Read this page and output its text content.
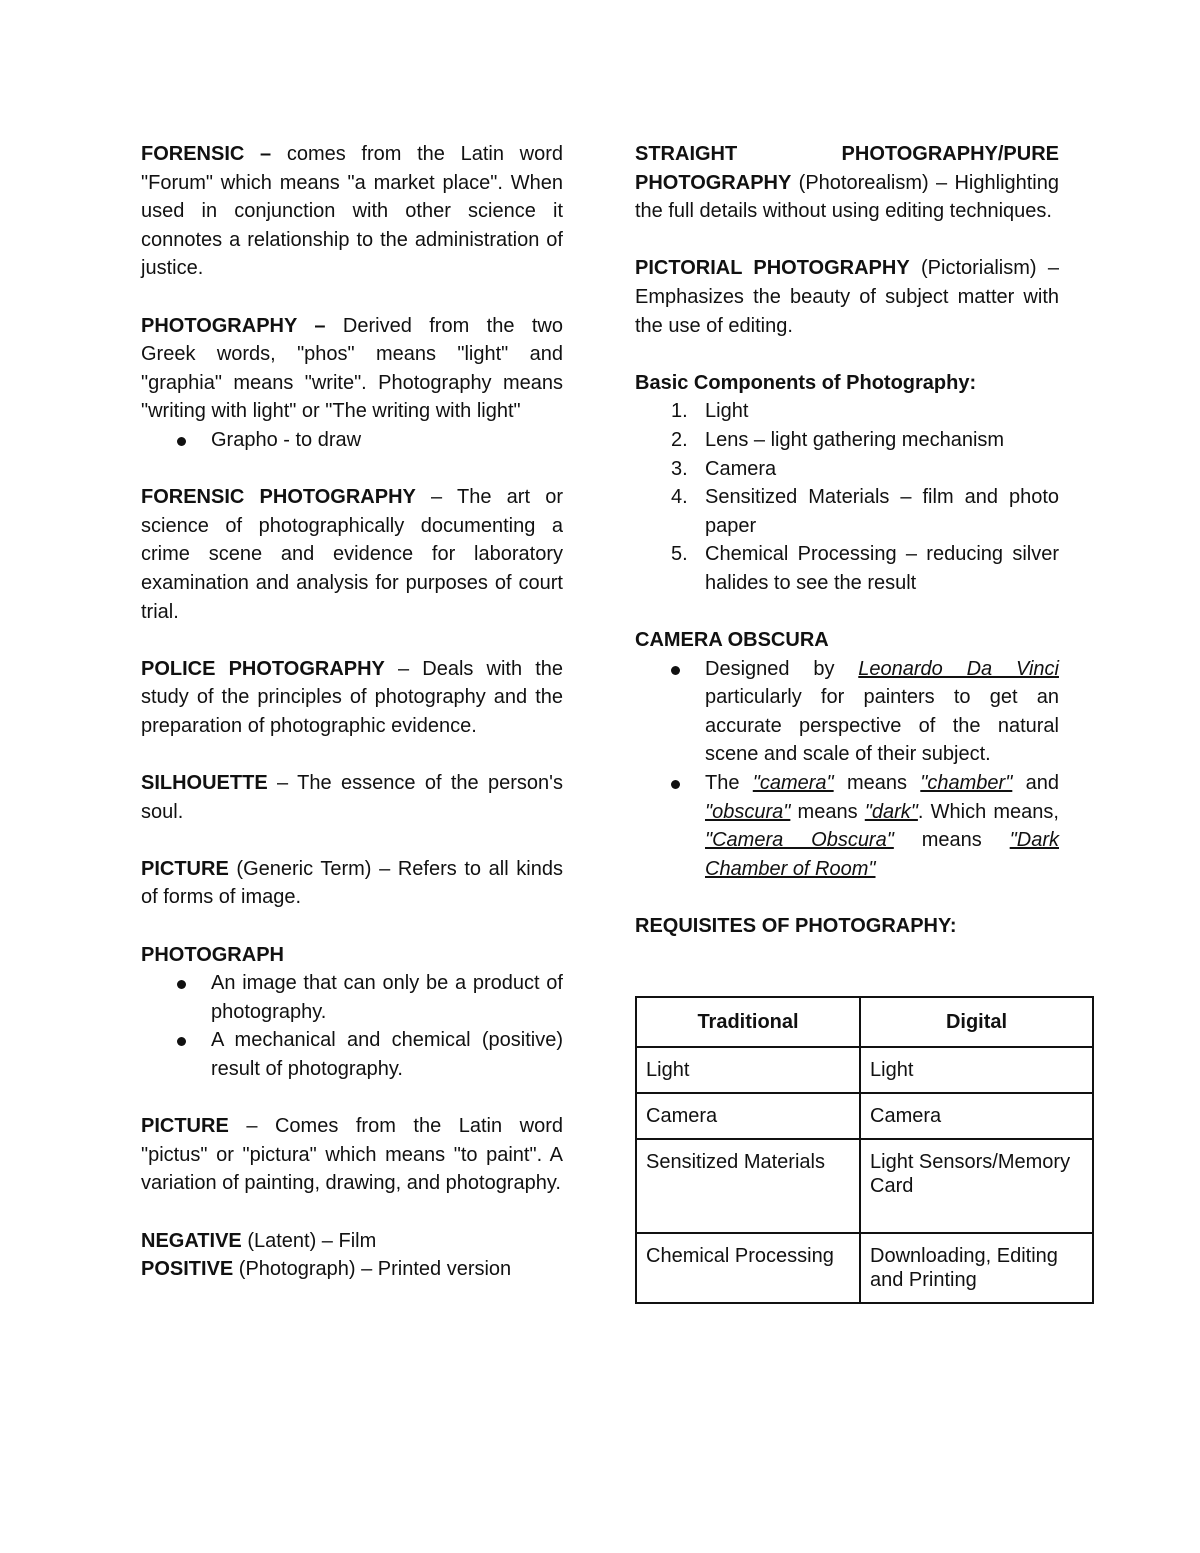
FORENSIC – comes from the Latin word "Forum" which means "a market place". When used in conjunction with other science it connotes a relationship to the administration of justice.

PHOTOGRAPHY – Derived from the two Greek words, "phos" means "light" and "graphia" means "write". Photography means "writing with light" or "The writing with light"

Grapho - to draw

FORENSIC PHOTOGRAPHY – The art or science of photographically documenting a crime scene and evidence for laboratory examination and analysis for purposes of court trial.

POLICE PHOTOGRAPHY – Deals with the study of the principles of photography and the preparation of photographic evidence.

SILHOUETTE – The essence of the person's soul.

PICTURE (Generic Term) – Refers to all kinds of forms of image.

PHOTOGRAPH

An image that can only be a product of photography.
A mechanical and chemical (positive) result of photography.

PICTURE – Comes from the Latin word "pictus" or "pictura" which means "to paint". A variation of painting, drawing, and photography.

NEGATIVE (Latent) – Film

POSITIVE (Photograph) – Printed version

STRAIGHT PHOTOGRAPHY/PURE PHOTOGRAPHY (Photorealism) – Highlighting the full details without using editing techniques.

PICTORIAL PHOTOGRAPHY (Pictorialism) – Emphasizes the beauty of subject matter with the use of editing.

Basic Components of Photography:

1. Light
2. Lens – light gathering mechanism
3. Camera
4. Sensitized Materials – film and photo paper
5. Chemical Processing – reducing silver halides to see the result

CAMERA OBSCURA

Designed by Leonardo Da Vinci particularly for painters to get an accurate perspective of the natural scene and scale of their subject.
The "camera" means "chamber" and "obscura" means "dark". Which means, "Camera Obscura" means "Dark Chamber of Room"

REQUISITES OF PHOTOGRAPHY:

Traditional	Digital
Light	Light
Camera	Camera
Sensitized Materials	Light Sensors/Memory Card
Chemical Processing	Downloading, Editing and Printing
